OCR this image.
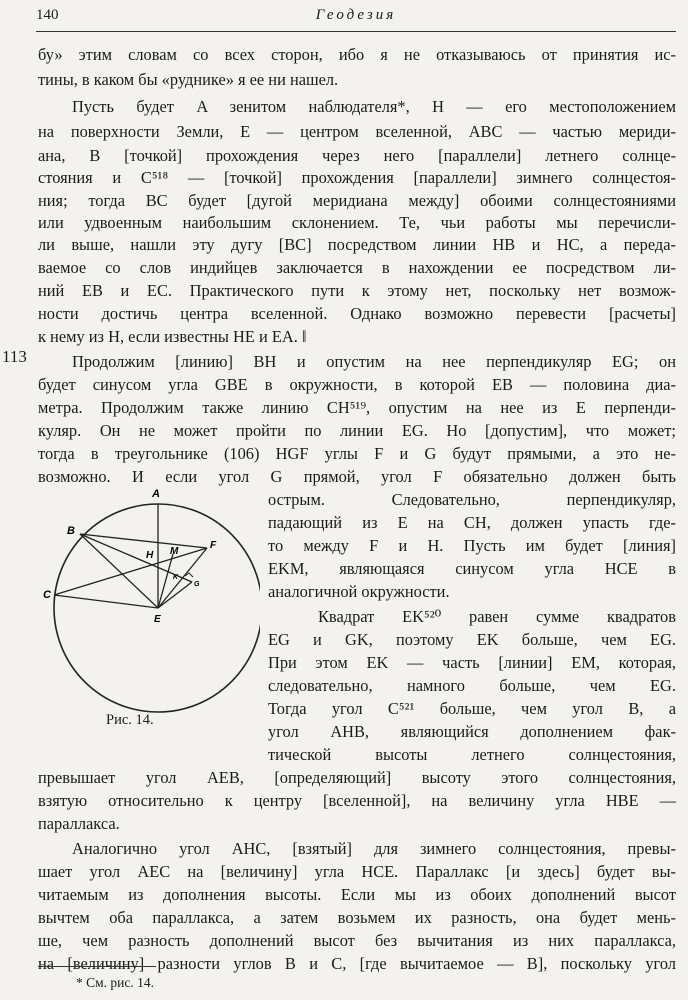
140	Геодезия
113
бу» этим словам со всех сторон, ибо я не отказываюсь от принятия ис-
тины, в каком бы «руднике» я ее ни нашел.
Пусть будет A зенитом наблюдателя*, H — его местоположением
на поверхности Земли, E — центром вселенной, ABC — частью мериди-
ана, B [точкой] прохождения через него [параллели] летнего солнце-
стояния и C⁵¹⁸ — [точкой] прохождения [параллели] зимнего солнцестоя-
ния; тогда BC будет [дугой меридиана между] обоими солнцестояниями
или удвоенным наибольшим склонением. Те, чьи работы мы перечисли-
ли выше, нашли эту дугу [BC] посредством линии HB и HC, а переда-
ваемое со слов индийцев заключается в нахождении ее посредством ли-
ний EB и EC. Практического пути к этому нет, поскольку нет возмож-
ности достичь центра вселенной. Однако возможно перевести [расчеты]
к нему из H, если известны HE и EA. ‖
Продолжим [линию] BH и опустим на нее перпендикуляр EG; он
будет синусом угла GBE в окружности, в которой EB — половина диа-
метра. Продолжим также линию CH⁵¹⁹, опустим на нее из E перпенди-
куляр. Он не может пройти по линии EG. Но [допустим], что может;
тогда в треугольнике (106) HGF углы F и G будут прямыми, а это не-
возможно. И если угол G прямой, угол F обязательно должен быть
острым. Следовательно, перпендикуляр,
падающий из E на CH, должен упасть где-
то между F и H. Пусть им будет [линия]
EKM, являющаяся синусом угла HCE в
аналогичной окружности.
Квадрат EK⁵²⁰ равен сумме квадратов
EG и GK, поэтому EK больше, чем EG.
При этом EK — часть [линии] EM, которая,
следовательно, намного больше, чем EG.
Тогда угол C⁵²¹ больше, чем угол B, а
угол AHB, являющийся дополнением фак-
тической высоты летнего солнцестояния,
превышает угол AEB, [определяющий] высоту этого солнцестояния,
взятую относительно к центру [вселенной], на величину угла HBE —
параллакса.
Аналогично угол AHC, [взятый] для зимнего солнцестояния, превы-
шает угол AEC на [величину] угла HCE. Параллакс [и здесь] будет вы-
читаемым из дополнения высоты. Если мы из обоих дополнений высот
вычтем оба параллакса, а затем возьмем их разность, она будет мень-
ше, чем разность дополнений высот без вычитания из них параллакса,
на [величину] разности углов B и C, [где вычитаемое — B], поскольку угол
A
B
C
H M
F
E
K
G
Рис. 14.
* См. рис. 14.
